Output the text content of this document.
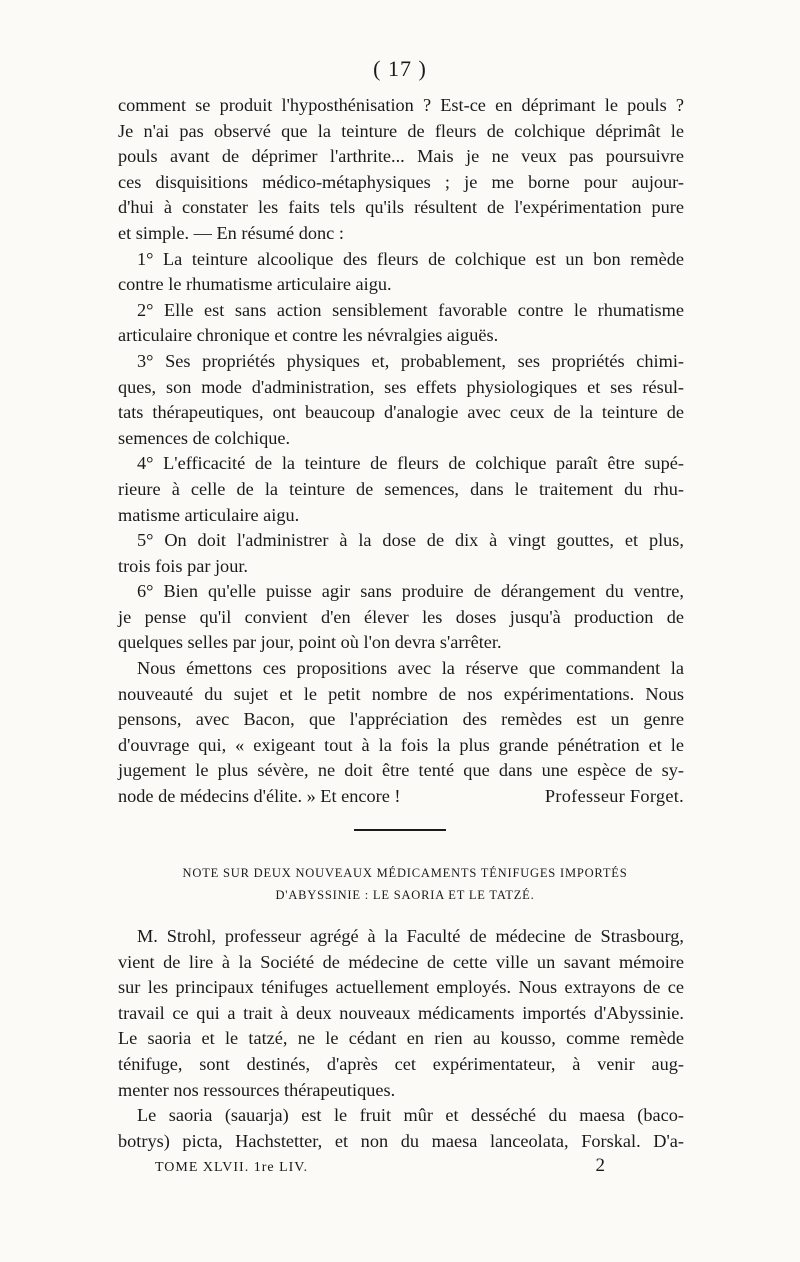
( 17 )
comment se produit l'hyposthénisation ? Est-ce en déprimant le pouls ?
Je n'ai pas observé que la teinture de fleurs de colchique déprimât le
pouls avant de déprimer l'arthrite... Mais je ne veux pas poursuivre
ces disquisitions médico-métaphysiques ; je me borne pour aujour-
d'hui à constater les faits tels qu'ils résultent de l'expérimentation pure
et simple. — En résumé donc :
1° La teinture alcoolique des fleurs de colchique est un bon remède
contre le rhumatisme articulaire aigu.
2° Elle est sans action sensiblement favorable contre le rhumatisme
articulaire chronique et contre les névralgies aiguës.
3° Ses propriétés physiques et, probablement, ses propriétés chimi-
ques, son mode d'administration, ses effets physiologiques et ses résul-
tats thérapeutiques, ont beaucoup d'analogie avec ceux de la teinture de
semences de colchique.
4° L'efficacité de la teinture de fleurs de colchique paraît être supé-
rieure à celle de la teinture de semences, dans le traitement du rhu-
matisme articulaire aigu.
5° On doit l'administrer à la dose de dix à vingt gouttes, et plus,
trois fois par jour.
6° Bien qu'elle puisse agir sans produire de dérangement du ventre,
je pense qu'il convient d'en élever les doses jusqu'à production de
quelques selles par jour, point où l'on devra s'arrêter.
Nous émettons ces propositions avec la réserve que commandent la
nouveauté du sujet et le petit nombre de nos expérimentations. Nous
pensons, avec Bacon, que l'appréciation des remèdes est un genre
d'ouvrage qui, « exigeant tout à la fois la plus grande pénétration et le
jugement le plus sévère, ne doit être tenté que dans une espèce de sy-
node de médecins d'élite. » Et encore !	Professeur Forget.
NOTE SUR DEUX NOUVEAUX MÉDICAMENTS TÉNIFUGES IMPORTÉS
D'ABYSSINIE : LE SAORIA ET LE TATZÉ.
M. Strohl, professeur agrégé à la Faculté de médecine de Strasbourg,
vient de lire à la Société de médecine de cette ville un savant mémoire
sur les principaux ténifuges actuellement employés. Nous extrayons de ce
travail ce qui a trait à deux nouveaux médicaments importés d'Abyssinie.
Le saoria et le tatzé, ne le cédant en rien au kousso, comme remède
ténifuge, sont destinés, d'après cet expérimentateur, à venir aug-
menter nos ressources thérapeutiques.
Le saoria (sauarja) est le fruit mûr et desséché du maesa (baco-
botrys) picta, Hachstetter, et non du maesa lanceolata, Forskal. D'a-
TOME XLVII. 1re LIV.	2
